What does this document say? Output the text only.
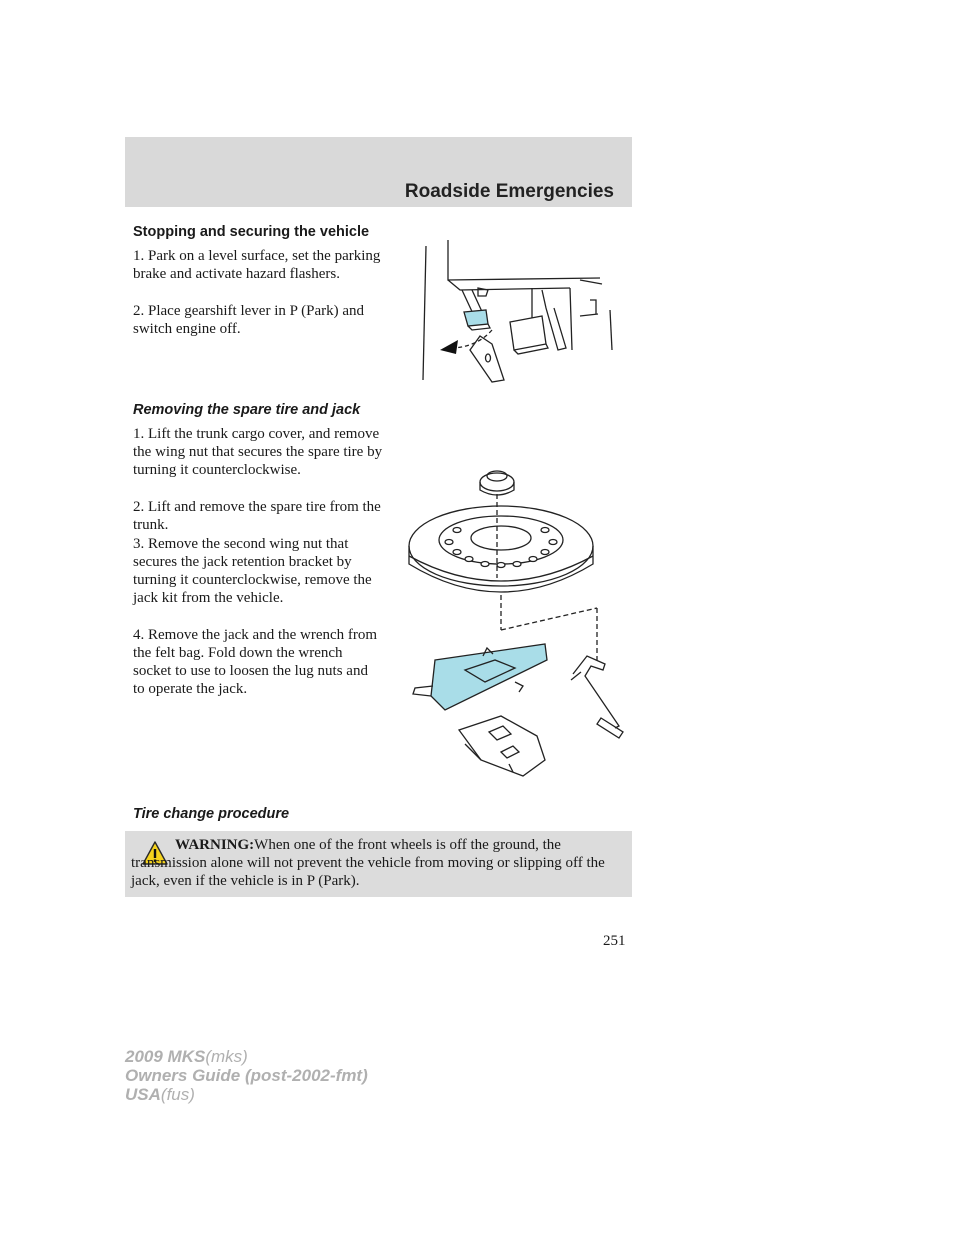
Roadside Emergencies
Stopping and securing the vehicle

1. Park on a level surface, set the parking brake and activate hazard flashers.

2. Place gearshift lever in P (Park) and switch engine off.

Removing the spare tire and jack

1. Lift the trunk cargo cover, and remove the wing nut that secures the spare tire by turning it counterclockwise.

2. Lift and remove the spare tire from the trunk.

3. Remove the second wing nut that secures the jack retention bracket by turning it counterclockwise, remove the jack kit from the vehicle.

4. Remove the jack and the wrench from the felt bag. Fold down the wrench socket to use to loosen the lug nuts and to operate the jack.

Tire change procedure

WARNING:When one of the front wheels is off the ground, the transmission alone will not prevent the vehicle from moving or slipping off the jack, even if the vehicle is in P (Park).

251
2009 MKS(mks)
Owners Guide (post-2002-fmt)
USA(fus)
